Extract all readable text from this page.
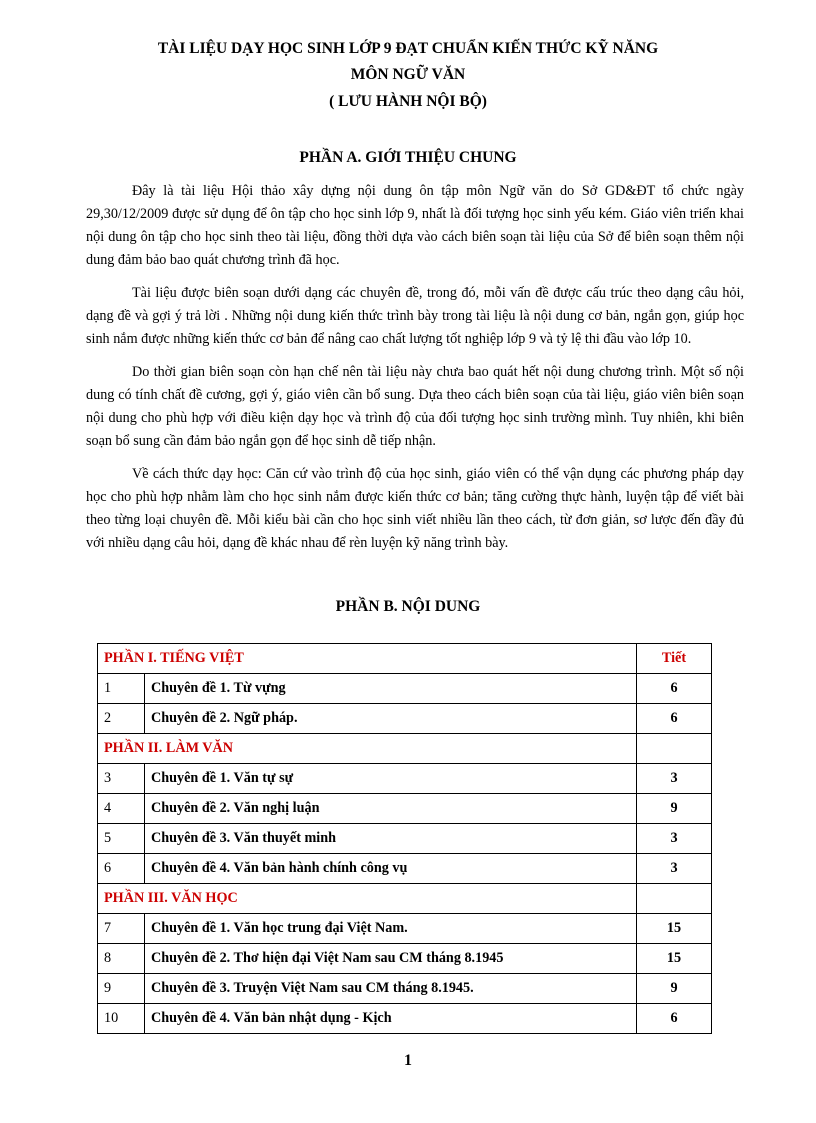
TÀI LIỆU DẠY HỌC SINH LỚP 9 ĐẠT CHUẨN KIẾN THỨC KỸ NĂNG
MÔN NGỮ VĂN
( LƯU HÀNH NỘI BỘ)
PHẦN A. GIỚI THIỆU CHUNG

Đây là tài liệu Hội thảo xây dựng nội dung ôn tập môn Ngữ văn do Sở GD&ĐT tổ chức ngày 29,30/12/2009 được sử dụng để ôn tập cho học sinh lớp 9, nhất là đối tượng học sinh yếu kém. Giáo viên triển khai nội dung ôn tập cho học sinh theo tài liệu, đồng thời dựa vào cách biên soạn tài liệu của Sở để biên soạn thêm nội dung đảm bảo bao quát chương trình đã học.

Tài liệu được biên soạn dưới dạng các chuyên đề, trong đó, mỗi vấn đề được cấu trúc theo dạng câu hỏi, dạng đề và gợi ý trả lời . Những nội dung kiến thức trình bày trong tài liệu là nội dung cơ bản, ngắn gọn, giúp học sinh nắm được những kiến thức cơ bản để nâng cao chất lượng tốt nghiệp lớp 9 và tỷ lệ thi đầu vào lớp 10.

Do thời gian biên soạn còn hạn chế nên tài liệu này chưa bao quát hết nội dung chương trình. Một số nội dung có tính chất đề cương, gợi ý, giáo viên cần bổ sung. Dựa theo cách biên soạn của tài liệu, giáo viên biên soạn nội dung cho phù hợp với điều kiện dạy học và trình độ của đối tượng học sinh trường mình. Tuy nhiên, khi biên soạn bổ sung cần đảm bảo ngắn gọn để học sinh dễ tiếp nhận.

Về cách thức dạy học: Căn cứ vào trình độ của học sinh, giáo viên có thể vận dụng các phương pháp dạy học cho phù hợp nhằm làm cho học sinh nắm được kiến thức cơ bản; tăng cường thực hành, luyện tập để viết bài theo từng loại chuyên đề. Mỗi kiểu bài cần cho học sinh viết nhiều lần theo cách, từ đơn giản, sơ lược đến đầy đủ với nhiều dạng câu hỏi, dạng đề khác nhau để rèn luyện kỹ năng trình bày.

PHẦN B. NỘI DUNG
PHẦN I. TIẾNG VIỆT		Tiết
1	Chuyên đề 1. Từ vựng	6
2	Chuyên đề 2. Ngữ pháp.	6
PHẦN II. LÀM VĂN		
3	Chuyên đề 1. Văn tự sự	3
4	Chuyên đề 2. Văn nghị luận	9
5	Chuyên đề 3. Văn thuyết minh	3
6	Chuyên đề 4. Văn bản hành chính công vụ	3
PHẦN III. VĂN HỌC		
7	Chuyên đề 1. Văn học trung đại Việt Nam.	15
8	Chuyên đề 2. Thơ hiện đại Việt Nam sau CM tháng 8.1945	15
9	Chuyên đề 3. Truyện Việt Nam sau CM tháng 8.1945.	9
10	Chuyên đề 4. Văn bản nhật dụng - Kịch	6
1
